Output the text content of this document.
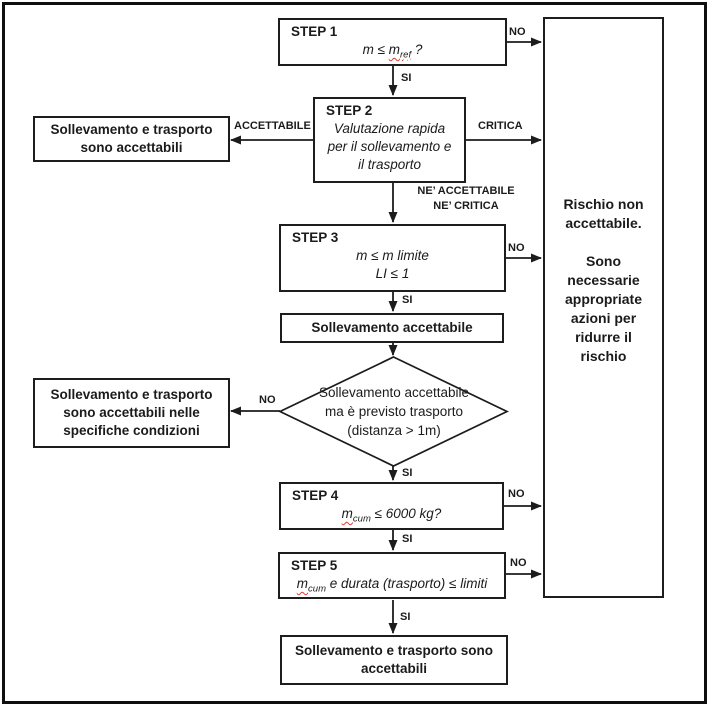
STEP 1
$m \le m_{ref}$ ?
STEP 2
Valutazione rapida
per il sollevamento e
il trasporto
Sollevamento e trasporto
sono accettabili
STEP 3
m ≤ m limite
LI ≤ 1
Sollevamento accettabile
Sollevamento accettabile
ma è previsto trasporto
(distanza > 1m)
Sollevamento e trasporto
sono accettabili nelle
specifiche condizioni
STEP 4
$m_{cum} \le 6000$ kg?
STEP 5
$m_{cum}$ e durata (trasporto) ≤ limiti
Sollevamento e trasporto sono
accettabili
Rischio non accettabile.
Sono necessarie appropriate azioni per ridurre il rischio
NO
SI
ACCETTABILE	CRITICA
NE’ ACCETTABILE
NE’ CRITICA
NO
SI
NO
SI
NO
SI
NO
SI
